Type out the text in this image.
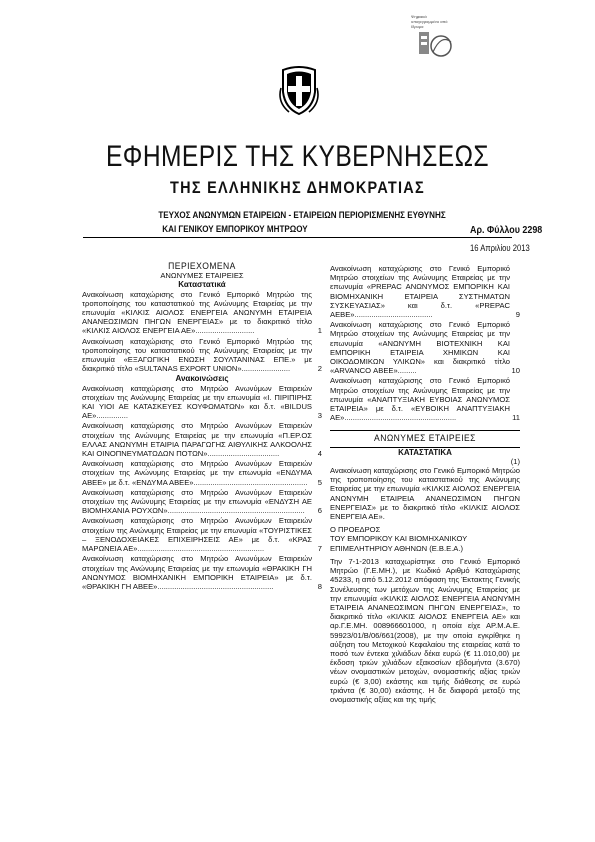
Ψηφιακά υπογεγραμμένο από Ιδρυμα
ΕΦΗΜΕΡΙΣ ΤΗΣ ΚΥΒΕΡΝΗΣΕΩΣ
ΤΗΣ ΕΛΛΗΝΙΚΗΣ ΔΗΜΟΚΡΑΤΙΑΣ
ΤΕΥΧΟΣ ΑΝΩΝΥΜΩΝ ΕΤΑΙΡΕΙΩΝ - ΕΤΑΙΡΕΙΩΝ ΠΕΡΙΟΡΙΣΜΕΝΗΣ ΕΥΘΥΝΗΣ
ΚΑΙ ΓΕΝΙΚΟΥ ΕΜΠΟΡΙΚΟΥ ΜΗΤΡΩΟΥ	Αρ. Φύλλου 2298
16 Απριλίου 2013

ΠΕΡΙΕΧΟΜΕΝΑ

ΑΝΩΝΥΜΕΣ ΕΤΑΙΡΕΙΕΣ

Καταστατικά

Ανακοίνωση καταχώρισης στο Γενικό Εμπορικό Μητρώο της τροποποίησης του καταστατικού της Ανώνυμης Εταιρείας με την επωνυμία «ΚΙΛΚΙΣ ΑΙΟΛΟΣ ΕΝΕΡΓΕΙΑ ΑΝΩΝΥΜΗ ΕΤΑΙΡΕΙΑ ΑΝΑΝΕΩΣΙΜΩΝ ΠΗΓΩΝ ΕΝΕΡΓΕΙΑΣ» με το διακριτικό τίτλο «ΚΙΛΚΙΣ ΑΙΟΛΟΣ ΕΝΕΡΓΕΙΑ ΑΕ»............................	1
Ανακοίνωση καταχώρισης στο Γενικό Εμπορικό Μητρώο της τροποποίησης του καταστατικού της Ανώνυμης Εταιρείας με την επωνυμία «ΕΞΑΓΩΓΙΚΗ ΕΝΩΣΗ ΣΟΥΛΤΑΝΙΝΑΣ ΕΠΕ.» με διακριτικό τίτλο «SULTANAS EXPORT UNION».......................	2

Ανακοινώσεις

Ανακοίνωση καταχώρισης στο Μητρώο Ανωνύμων Εταιρειών στοιχείων της Ανώνυμης Εταιρείας με την επωνυμία «Ι. ΠΙΡΙΠΙΡΗΣ ΚΑΙ ΥΙΟΙ ΑΕ ΚΑΤΑΣΚΕΥΕΣ ΚΟΥΦΩΜΑΤΩΝ» και δ.τ. «BILDUS ΑΕ»...............	3
Ανακοίνωση καταχώρισης στο Μητρώο Ανωνύμων Εταιρειών στοιχείων της Ανώνυμης Εταιρείας με την επωνυμία «Π.ΕΡ.ΟΣ ΕΛΛΑΣ ΑΝΩΝΥΜΗ ΕΤΑΙΡΙΑ ΠΑΡΑΓΩΓΗΣ ΑΙΘΥΛΙΚΗΣ ΑΛΚΟΟΛΗΣ ΚΑΙ ΟΙΝΟΠΝΕΥΜΑΤΩΔΩΝ ΠΟΤΩΝ»..................................	4
Ανακοίνωση καταχώρισης στο Μητρώο Ανωνύμων Εταιρειών στοιχείων της Ανώνυμης Εταιρείας με την επωνυμία «ΕΝΔΥΜΑ ΑΒΕΕ» με δ.τ. «ΕΝΔΥΜΑ ΑΒΕΕ»......................................................	5
Ανακοίνωση καταχώρισης στο Μητρώο Ανωνύμων Εταιρειών στοιχείων της Ανώνυμης Εταιρείας με την επωνυμία «ΕΝΔΥΣΗ ΑΕ ΒΙΟΜΗΧΑΝΙΑ ΡΟΥΧΩΝ».................................................................	6
Ανακοίνωση καταχώρισης στο Μητρώο Ανωνύμων Εταιρειών στοιχείων της Ανώνυμης Εταιρείας με την επωνυμία «ΤΟΥΡΙΣΤΙΚΕΣ – ΞΕΝΟΔΟΧΕΙΑΚΕΣ ΕΠΙΧΕΙΡΗΣΕΙΣ ΑΕ» με δ.τ. «ΚΡΑΣ ΜΑΡΩΝΕΙΑ ΑΕ»............................................................	7
Ανακοίνωση καταχώρισης στο Μητρώο Ανωνύμων Εταιρειών στοιχείων της Ανώνυμης Εταιρείας με την επωνυμία «ΘΡΑΚΙΚΗ ΓΗ ΑΝΩΝΥΜΟΣ ΒΙΟΜΗΧΑΝΙΚΗ ΕΜΠΟΡΙΚΗ ΕΤΑΙΡΕΙΑ» με δ.τ. «ΘΡΑΚΙΚΗ ΓΗ ΑΒΕΕ».......................................................	8
Ανακοίνωση καταχώρισης στο Γενικό Εμπορικό Μητρώο στοιχείων της Ανώνυμης Εταιρείας με την επωνυμία «PREPAC ΑΝΩΝΥΜΟΣ ΕΜΠΟΡΙΚΗ ΚΑΙ ΒΙΟΜΗΧΑΝΙΚΗ ΕΤΑΙΡΕΙΑ ΣΥΣΤΗΜΑΤΩΝ ΣΥΣΚΕΥΑΣΙΑΣ» και δ.τ. «PREPAC ΑΕΒΕ».....................................	9
Ανακοίνωση καταχώρισης στο Γενικό Εμπορικό Μητρώο στοιχείων της Ανώνυμης Εταιρείας με την επωνυμία «ΑΝΩΝΥΜΗ ΒΙΟΤΕΧΝΙΚΗ ΚΑΙ ΕΜΠΟΡΙΚΗ ΕΤΑΙΡΕΙΑ ΧΗΜΙΚΩΝ ΚΑΙ ΟΙΚΟΔΟΜΙΚΩΝ ΥΛΙΚΩΝ» και διακριτικό τίτλο «ARVANCO ΑΒΕΕ».........	10
Ανακοίνωση καταχώρισης στο Γενικό Εμπορικό Μητρώο στοιχείων της Ανώνυμης Εταιρείας με την επωνυμία «ΑΝΑΠΤΥΞΙΑΚΗ ΕΥΒΟΙΑΣ ΑΝΩΝΥΜΟΣ ΕΤΑΙΡΕΙΑ» με δ.τ. «ΕΥΒΟΙΚΗ ΑΝΑΠΤΥΞΙΑΚΗ ΑΕ».....................................................	11

ΑΝΩΝΥΜΕΣ ΕΤΑΙΡΕΙΕΣ

ΚΑΤΑΣΤΑΤΙΚΑ

(1)

Ανακοίνωση καταχώρισης στο Γενικό Εμπορικό Μητρώο της τροποποίησης του καταστατικού της Ανώνυμης Εταιρείας με την επωνυμία «ΚΙΛΚΙΣ ΑΙΟΛΟΣ ΕΝΕΡΓΕΙΑ ΑΝΩΝΥΜΗ ΕΤΑΙΡΕΙΑ ΑΝΑΝΕΩΣΙΜΩΝ ΠΗΓΩΝ ΕΝΕΡΓΕΙΑΣ» με το διακριτικό τίτλο «ΚΙΛΚΙΣ ΑΙΟΛΟΣ ΕΝΕΡΓΕΙΑ ΑΕ».

Ο ΠΡΟΕΔΡΟΣ

ΤΟΥ ΕΜΠΟΡΙΚΟΥ ΚΑΙ ΒΙΟΜΗΧΑΝΙΚΟΥ

ΕΠΙΜΕΛΗΤΗΡΙΟΥ ΑΘΗΝΩΝ (Ε.Β.Ε.Α.)

Την 7-1-2013 καταχωρίστηκε στο Γενικό Εμπορικό Μητρώο (Γ.Ε.ΜΗ.), με Κωδικό Αριθμό Καταχώρισης 45233, η από 5.12.2012 απόφαση της Έκτακτης Γενικής Συνέλευσης των μετόχων της Ανώνυμης Εταιρείας με την επωνυμία «ΚΙΛΚΙΣ ΑΙΟΛΟΣ ΕΝΕΡΓΕΙΑ ΑΝΩΝΥΜΗ ΕΤΑΙΡΕΙΑ ΑΝΑΝΕΩΣΙΜΩΝ ΠΗΓΩΝ ΕΝΕΡΓΕΙΑΣ», το διακριτικό τίτλο «ΚΙΛΚΙΣ ΑΙΟΛΟΣ ΕΝΕΡΓΕΙΑ ΑΕ» και αρ.Γ.Ε.ΜΗ. 008966601000, η οποία είχε ΑΡ.Μ.Α.Ε. 59923/01/Β/06/661(2008), με την οποία εγκρίθηκε η αύξηση του Μετοχικού Κεφαλαίου της εταιρείας κατά το ποσό των έντεκα χιλιάδων δέκα ευρώ (€ 11.010,00) με έκδοση τριών χιλιάδων εξακοσίων εβδομήντα (3.670) νέων ονομαστικών μετοχών, ονομαστικής αξίας τριών ευρώ (€ 3,00) εκάστης και τιμής διάθεσης σε ευρώ τριάντα (€ 30,00) εκάστης. Η δε διαφορά μεταξύ της ονομαστικής αξίας και της τιμής
